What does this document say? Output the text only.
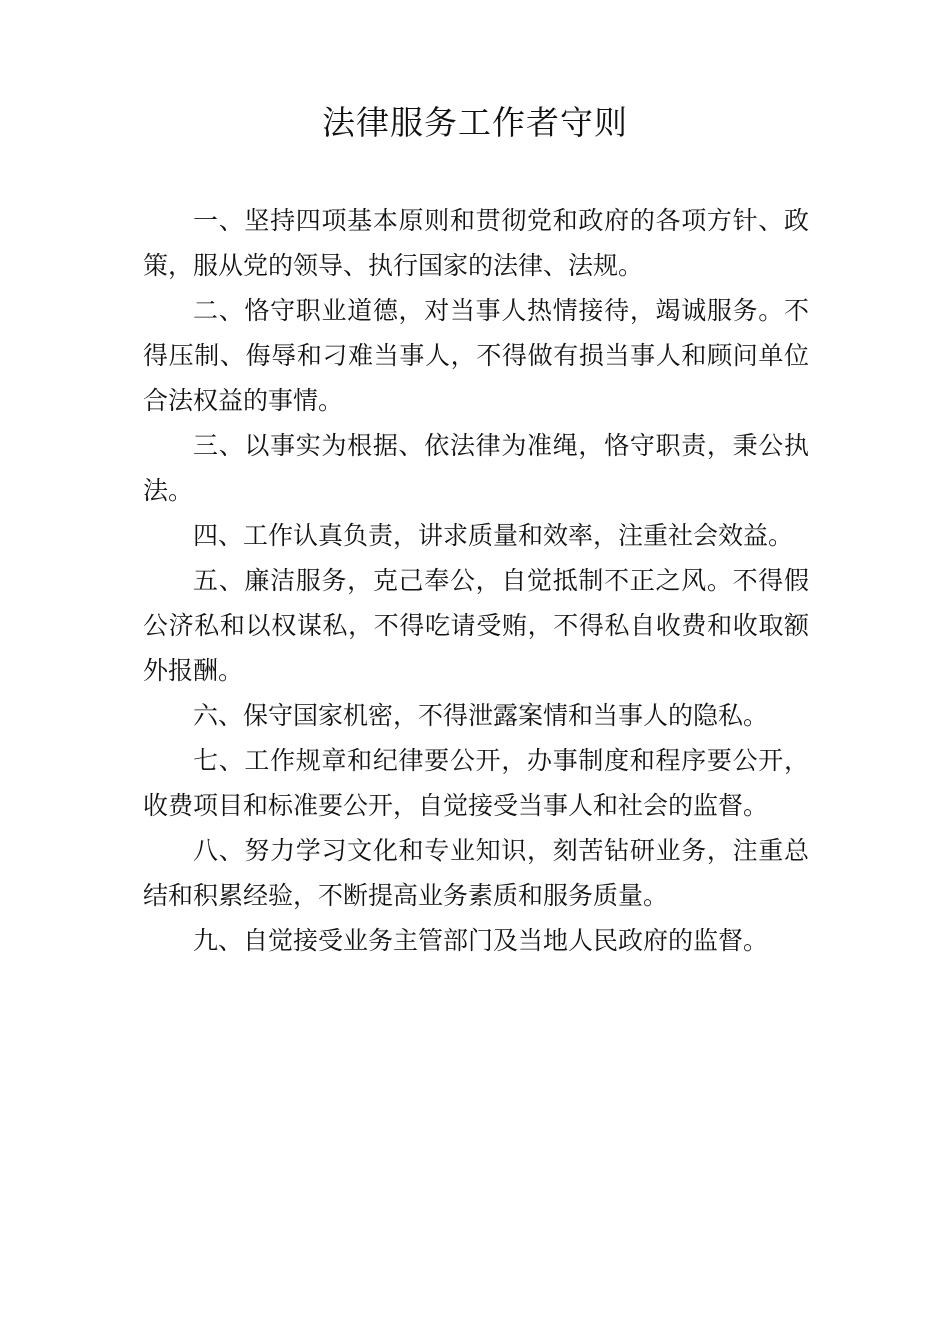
法律服务工作者守则

一、坚持四项基本原则和贯彻党和政府的各项方针、政策，服从党的领导、执行国家的法律、法规。

二、恪守职业道德，对当事人热情接待，竭诚服务。不得压制、侮辱和刁难当事人，不得做有损当事人和顾问单位合法权益的事情。

三、以事实为根据、依法律为准绳，恪守职责，秉公执法。

四、工作认真负责，讲求质量和效率，注重社会效益。

五、廉洁服务，克己奉公，自觉抵制不正之风。不得假公济私和以权谋私，不得吃请受贿，不得私自收费和收取额外报酬。

六、保守国家机密，不得泄露案情和当事人的隐私。

七、工作规章和纪律要公开，办事制度和程序要公开，收费项目和标准要公开，自觉接受当事人和社会的监督。

八、努力学习文化和专业知识，刻苦钻研业务，注重总结和积累经验，不断提高业务素质和服务质量。

九、自觉接受业务主管部门及当地人民政府的监督。
